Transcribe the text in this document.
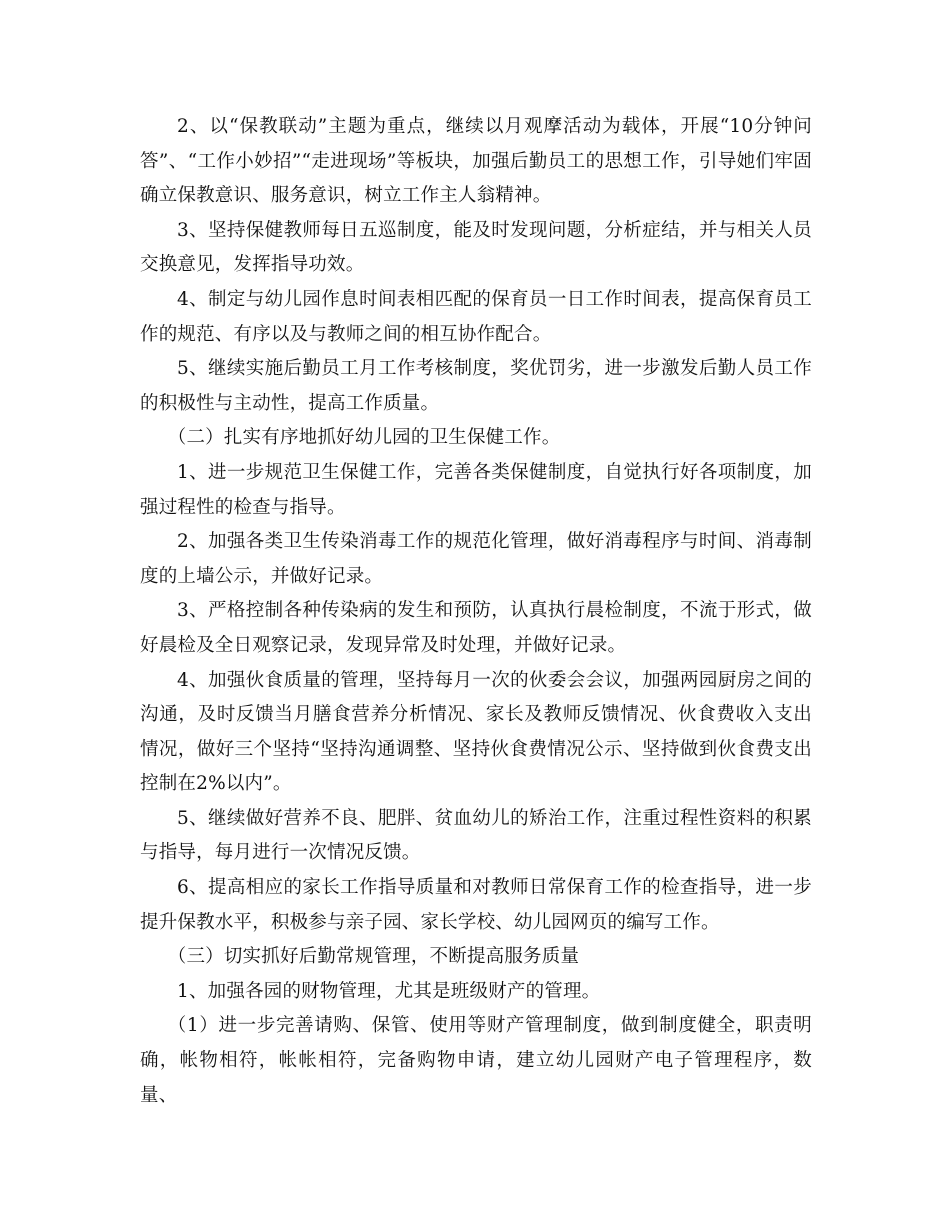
2、以“保教联动”主题为重点，继续以月观摩活动为载体，开展“10分钟问答”、“工作小妙招”“走进现场”等板块，加强后勤员工的思想工作，引导她们牢固确立保教意识、服务意识，树立工作主人翁精神。

3、坚持保健教师每日五巡制度，能及时发现问题，分析症结，并与相关人员交换意见，发挥指导功效。

4、制定与幼儿园作息时间表相匹配的保育员一日工作时间表，提高保育员工作的规范、有序以及与教师之间的相互协作配合。

5、继续实施后勤员工月工作考核制度，奖优罚劣，进一步激发后勤人员工作的积极性与主动性，提高工作质量。

（二）扎实有序地抓好幼儿园的卫生保健工作。

1、进一步规范卫生保健工作，完善各类保健制度，自觉执行好各项制度，加强过程性的检查与指导。

2、加强各类卫生传染消毒工作的规范化管理，做好消毒程序与时间、消毒制度的上墙公示，并做好记录。

3、严格控制各种传染病的发生和预防，认真执行晨检制度，不流于形式，做好晨检及全日观察记录，发现异常及时处理，并做好记录。

4、加强伙食质量的管理，坚持每月一次的伙委会会议，加强两园厨房之间的沟通，及时反馈当月膳食营养分析情况、家长及教师反馈情况、伙食费收入支出情况，做好三个坚持“坚持沟通调整、坚持伙食费情况公示、坚持做到伙食费支出控制在2%以内”。

5、继续做好营养不良、肥胖、贫血幼儿的矫治工作，注重过程性资料的积累与指导，每月进行一次情况反馈。

6、提高相应的家长工作指导质量和对教师日常保育工作的检查指导，进一步提升保教水平，积极参与亲子园、家长学校、幼儿园网页的编写工作。

（三）切实抓好后勤常规管理，不断提高服务质量

1、加强各园的财物管理，尤其是班级财产的管理。

（1）进一步完善请购、保管、使用等财产管理制度，做到制度健全，职责明确，帐物相符，帐帐相符，完备购物申请，建立幼儿园财产电子管理程序，数量、
